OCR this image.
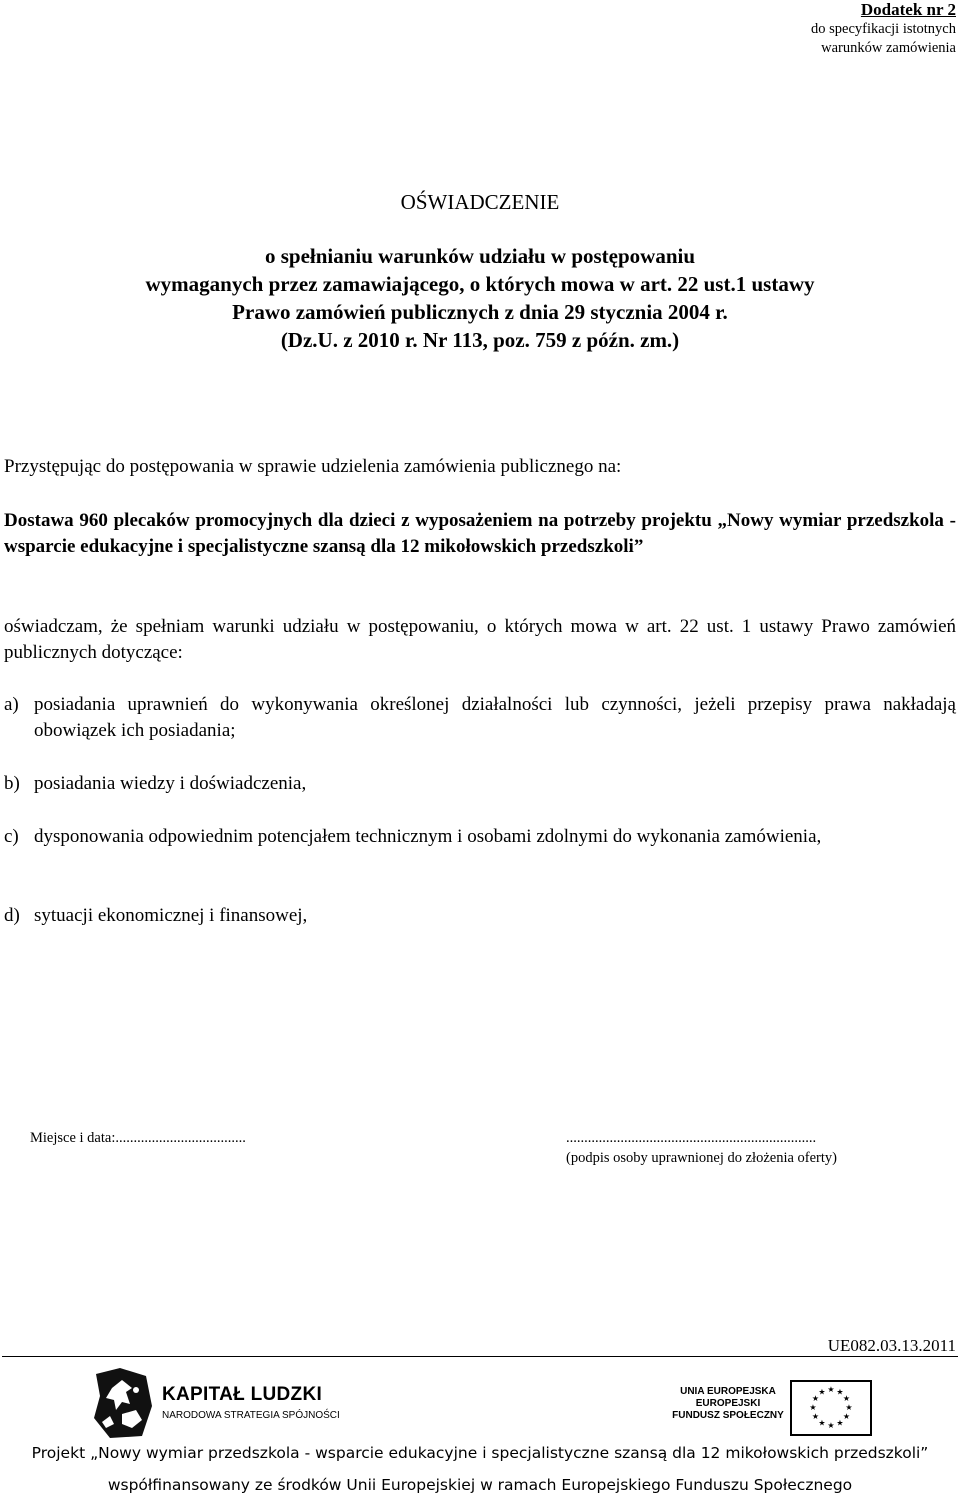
Dodatek nr 2
do specyfikacji istotnych
warunków zamówienia
OŚWIADCZENIE
o spełnianiu warunków udziału w postępowaniu
wymaganych przez zamawiającego, o których mowa w art. 22 ust.1 ustawy
Prawo zamówień publicznych z dnia 29 stycznia 2004 r.
(Dz.U. z 2010 r. Nr 113, poz. 759 z późn. zm.)
Przystępując do postępowania w sprawie udzielenia zamówienia publicznego na:
Dostawa 960 plecaków promocyjnych dla dzieci z wyposażeniem na potrzeby projektu „Nowy wymiar przedszkola - wsparcie edukacyjne i specjalistyczne szansą dla 12 mikołowskich przedszkoli”
oświadczam, że spełniam warunki udziału w postępowaniu, o których mowa w art. 22 ust. 1 ustawy Prawo zamówień publicznych dotyczące:
a) posiadania uprawnień do wykonywania określonej działalności lub czynności, jeżeli przepisy prawa nakładają obowiązek ich posiadania;
b) posiadania wiedzy i doświadczenia,
c) dysponowania odpowiednim potencjałem technicznym i osobami zdolnymi do wykonania zamówienia,
d) sytuacji ekonomicznej i finansowej,
Miejsce i data:....................................	.....................................................................
(podpis osoby uprawnionej do złożenia oferty)
UE082.03.13.2011
KAPITAŁ LUDZKI
NARODOWA STRATEGIA SPÓJNOŚCI
UNIA EUROPEJSKA
EUROPEJSKI
FUNDUSZ SPOŁECZNY
★ ★
★
★
★
★
★
★
★
★
★
★
Projekt „Nowy wymiar przedszkola - wsparcie edukacyjne i specjalistyczne szansą dla 12 mikołowskich przedszkoli”
współfinansowany ze środków Unii Europejskiej w ramach Europejskiego Funduszu Społecznego
